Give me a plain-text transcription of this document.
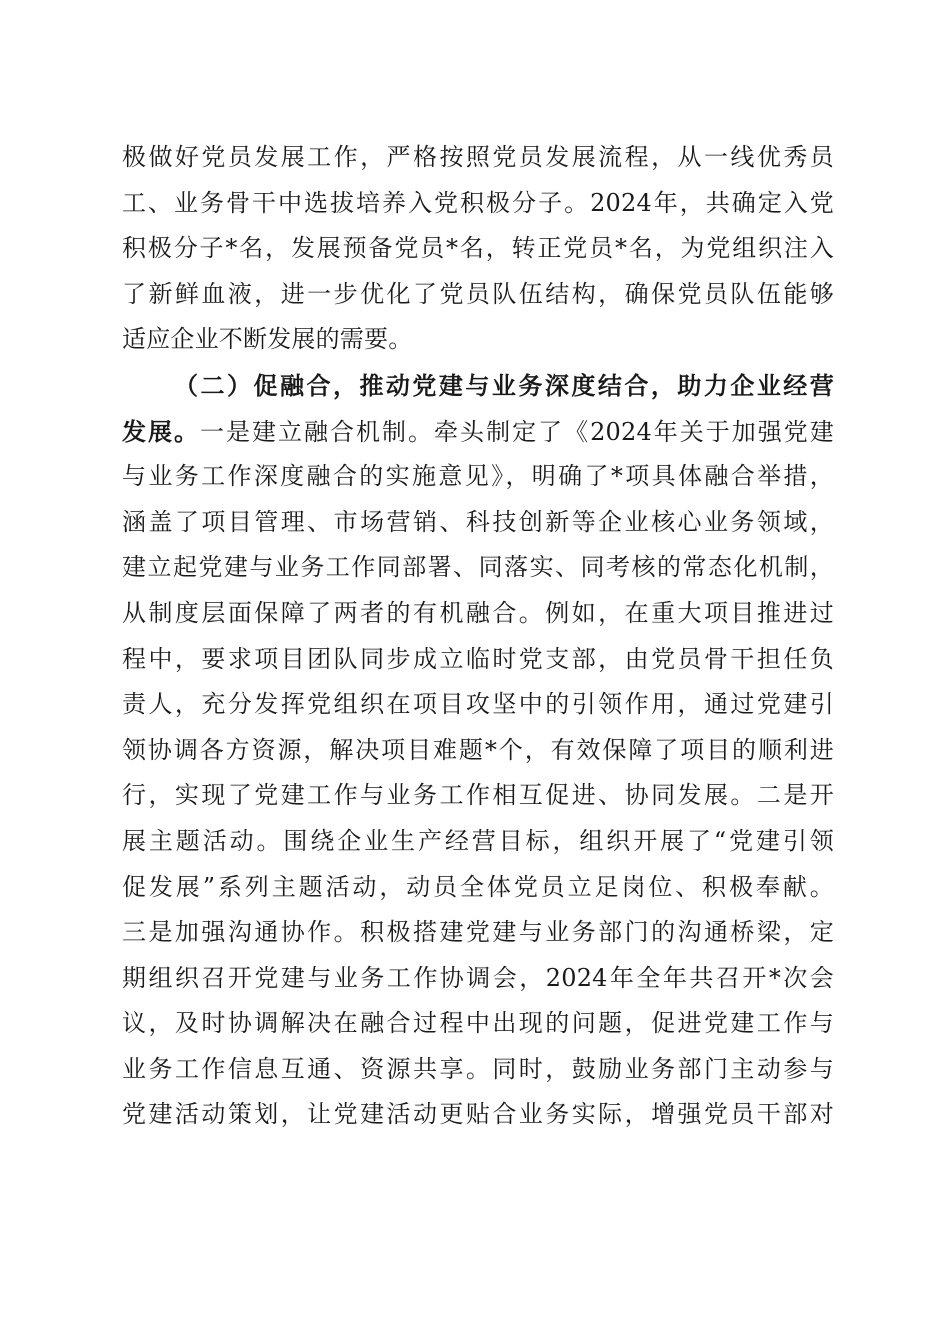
极做好党员发展工作，严格按照党员发展流程，从一线优秀员
工、业务骨干中选拔培养入党积极分子。2024年，共确定入党
积极分子*名，发展预备党员*名，转正党员*名，为党组织注入
了新鲜血液，进一步优化了党员队伍结构，确保党员队伍能够
适应企业不断发展的需要。
（二）促融合，推动党建与业务深度结合，助力企业经营
发展。一是建立融合机制。牵头制定了《2024年关于加强党建
与业务工作深度融合的实施意见》，明确了*项具体融合举措，
涵盖了项目管理、市场营销、科技创新等企业核心业务领域，
建立起党建与业务工作同部署、同落实、同考核的常态化机制，
从制度层面保障了两者的有机融合。例如，在重大项目推进过
程中，要求项目团队同步成立临时党支部，由党员骨干担任负
责人，充分发挥党组织在项目攻坚中的引领作用，通过党建引
领协调各方资源，解决项目难题*个，有效保障了项目的顺利进
行，实现了党建工作与业务工作相互促进、协同发展。二是开
展主题活动。围绕企业生产经营目标，组织开展了“党建引领
促发展”系列主题活动，动员全体党员立足岗位、积极奉献。
三是加强沟通协作。积极搭建党建与业务部门的沟通桥梁，定
期组织召开党建与业务工作协调会，2024年全年共召开*次会
议，及时协调解决在融合过程中出现的问题，促进党建工作与
业务工作信息互通、资源共享。同时，鼓励业务部门主动参与
党建活动策划，让党建活动更贴合业务实际，增强党员干部对
